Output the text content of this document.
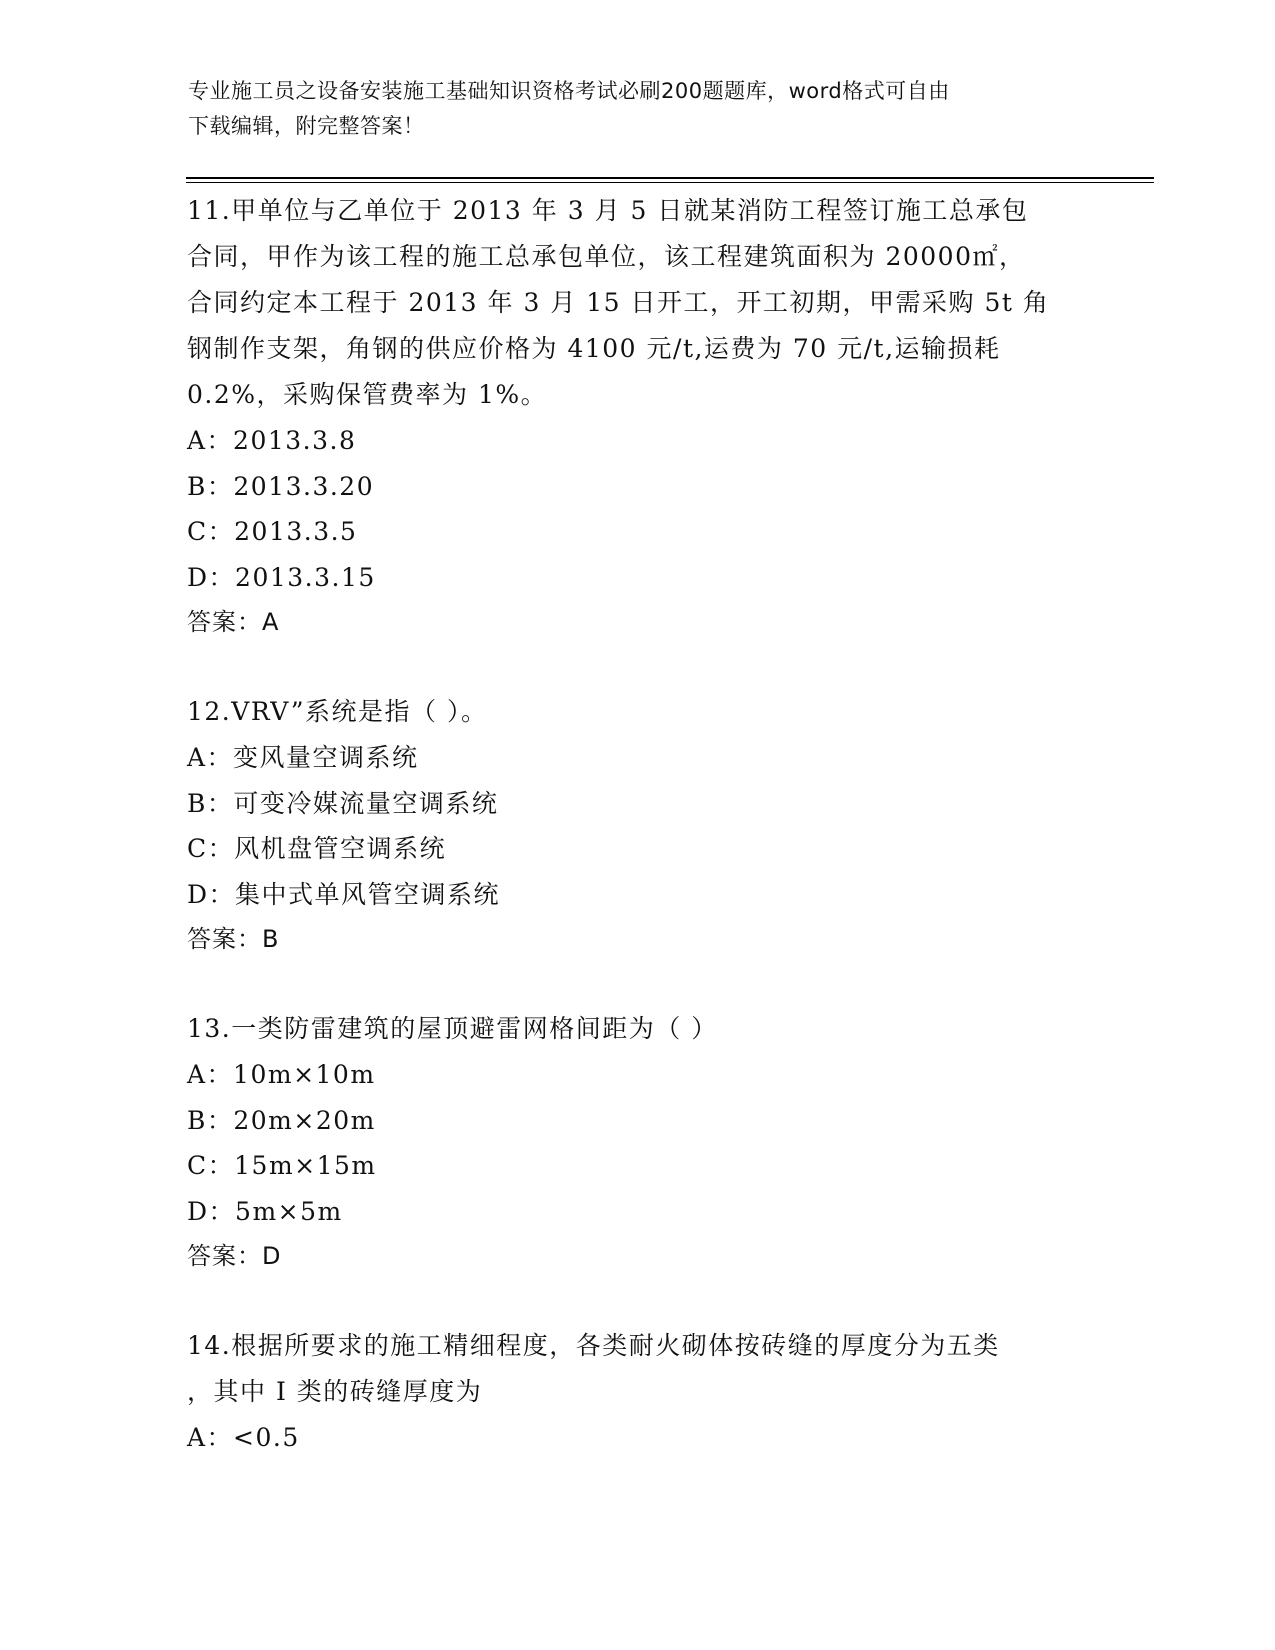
专业施工员之设备安装施工基础知识资格考试必刷200题题库，word格式可自由
下载编辑，附完整答案！

11.甲单位与乙单位于 2013 年 3 月 5 日就某消防工程签订施工总承包

合同，甲作为该工程的施工总承包单位，该工程建筑面积为 20000㎡，

合同约定本工程于 2013 年 3 月 15 日开工，开工初期，甲需采购 5t 角

钢制作支架，角钢的供应价格为 4100 元/t,运费为 70 元/t,运输损耗

0.2%，采购保管费率为 1%。

A：2013.3.8

B：2013.3.20

C：2013.3.5

D：2013.3.15

答案：A

12.VRV”系统是指（ ）。

A：变风量空调系统

B：可变冷媒流量空调系统

C：风机盘管空调系统

D：集中式单风管空调系统

答案：B

13.一类防雷建筑的屋顶避雷网格间距为（ ）

A：10m×10m

B：20m×20m

C：15m×15m

D：5m×5m

答案：D

14.根据所要求的施工精细程度，各类耐火砌体按砖缝的厚度分为五类

，其中 I 类的砖缝厚度为

A：<0.5
